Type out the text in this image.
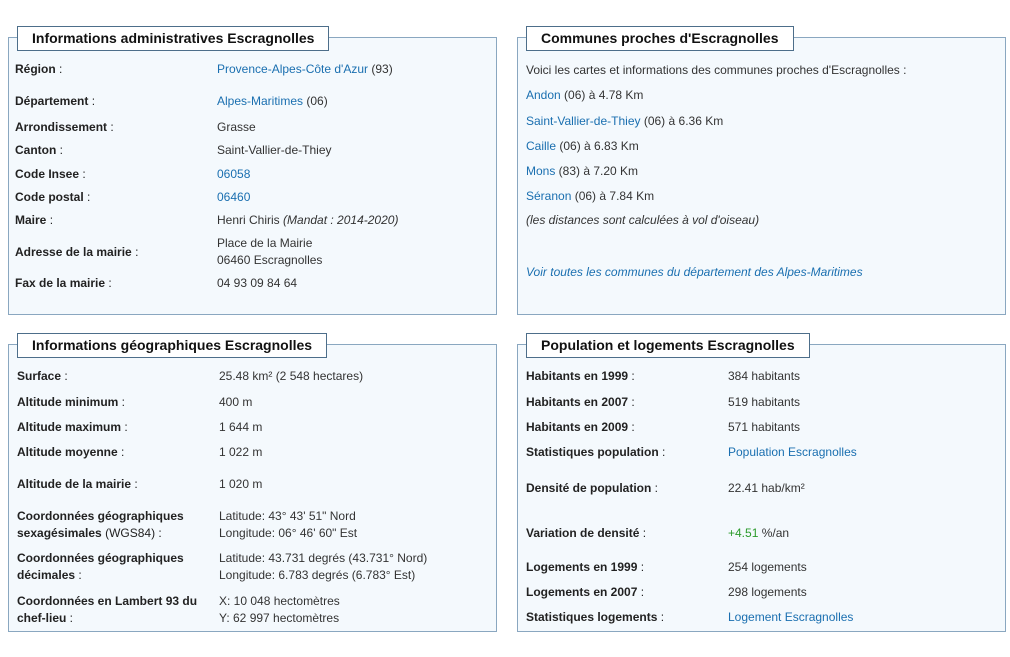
Informations administratives Escragnolles
Région :	Provence-Alpes-Côte d'Azur (93)
Département :	Alpes-Maritimes (06)
Arrondissement :	Grasse
Canton :	Saint-Vallier-de-Thiey
Code Insee :	06058
Code postal :	06460
Maire :	Henri Chiris (Mandat : 2014-2020)
Adresse de la mairie :
Place de la Mairie
06460 Escragnolles
Fax de la mairie :	04 93 09 84 64
Communes proches d'Escragnolles
Voici les cartes et informations des communes proches d'Escragnolles :
Andon (06) à 4.78 Km
Saint-Vallier-de-Thiey (06) à 6.36 Km
Caille (06) à 6.83 Km
Mons (83) à 7.20 Km
Séranon (06) à 7.84 Km
(les distances sont calculées à vol d'oiseau)
Voir toutes les communes du département des Alpes-Maritimes
Informations géographiques Escragnolles
Surface :	25.48 km² (2 548 hectares)
Altitude minimum :	400 m
Altitude maximum :	1 644 m
Altitude moyenne :	1 022 m
Altitude de la mairie :	1 020 m
Coordonnées géographiques
sexagésimales (WGS84) :
Latitude: 43° 43' 51" Nord
Longitude: 06° 46' 60" Est
Coordonnées géographiques
décimales :
Latitude: 43.731 degrés (43.731° Nord)
Longitude: 6.783 degrés (6.783° Est)
Coordonnées en Lambert 93 du
chef-lieu :
X: 10 048 hectomètres
Y: 62 997 hectomètres
Population et logements Escragnolles
Habitants en 1999 :	384 habitants
Habitants en 2007 :	519 habitants
Habitants en 2009 :	571 habitants
Statistiques population :	Population Escragnolles
Densité de population :	22.41 hab/km²
Variation de densité :	+4.51 %/an
Logements en 1999 :	254 logements
Logements en 2007 :	298 logements
Statistiques logements :	Logement Escragnolles
